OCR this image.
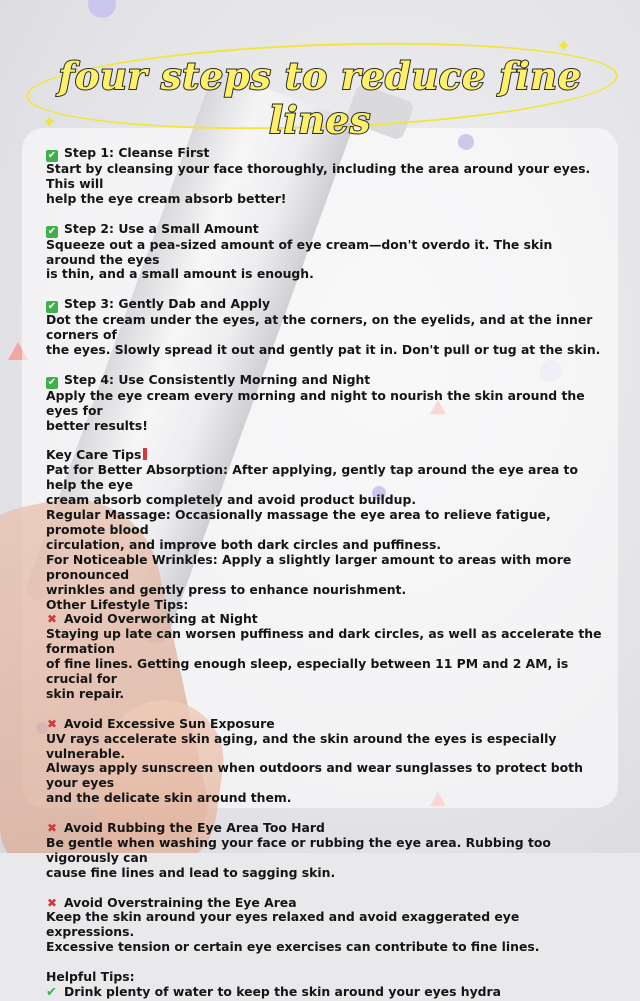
✦
✦
four steps to reduce fine lines

✔ Step 1: Cleanse First

Start by cleansing your face thoroughly, including the area around your eyes. This will

help the eye cream absorb better!

✔ Step 2: Use a Small Amount

Squeeze out a pea-sized amount of eye cream—don't overdo it. The skin around the eyes

is thin, and a small amount is enough.

✔ Step 3: Gently Dab and Apply

Dot the cream under the eyes, at the corners, on the eyelids, and at the inner corners of

the eyes. Slowly spread it out and gently pat it in. Don't pull or tug at the skin.

✔ Step 4: Use Consistently Morning and Night

Apply the eye cream every morning and night to nourish the skin around the eyes for

better results!

Key Care Tips

Pat for Better Absorption: After applying, gently tap around the eye area to help the eye

cream absorb completely and avoid product buildup.

Regular Massage: Occasionally massage the eye area to relieve fatigue, promote blood

circulation, and improve both dark circles and puffiness.

For Noticeable Wrinkles: Apply a slightly larger amount to areas with more pronounced

wrinkles and gently press to enhance nourishment.

Other Lifestyle Tips:

✖ Avoid Overworking at Night

Staying up late can worsen puffiness and dark circles, as well as accelerate the formation

of fine lines. Getting enough sleep, especially between 11 PM and 2 AM, is crucial for

skin repair.

✖ Avoid Excessive Sun Exposure

UV rays accelerate skin aging, and the skin around the eyes is especially vulnerable.

Always apply sunscreen when outdoors and wear sunglasses to protect both your eyes

and the delicate skin around them.

✖ Avoid Rubbing the Eye Area Too Hard

Be gentle when washing your face or rubbing the eye area. Rubbing too vigorously can

cause fine lines and lead to sagging skin.

✖ Avoid Overstraining the Eye Area

Keep the skin around your eyes relaxed and avoid exaggerated eye expressions.

Excessive tension or certain eye exercises can contribute to fine lines.

Helpful Tips:

✔ Drink plenty of water to keep the skin around your eyes hydra
